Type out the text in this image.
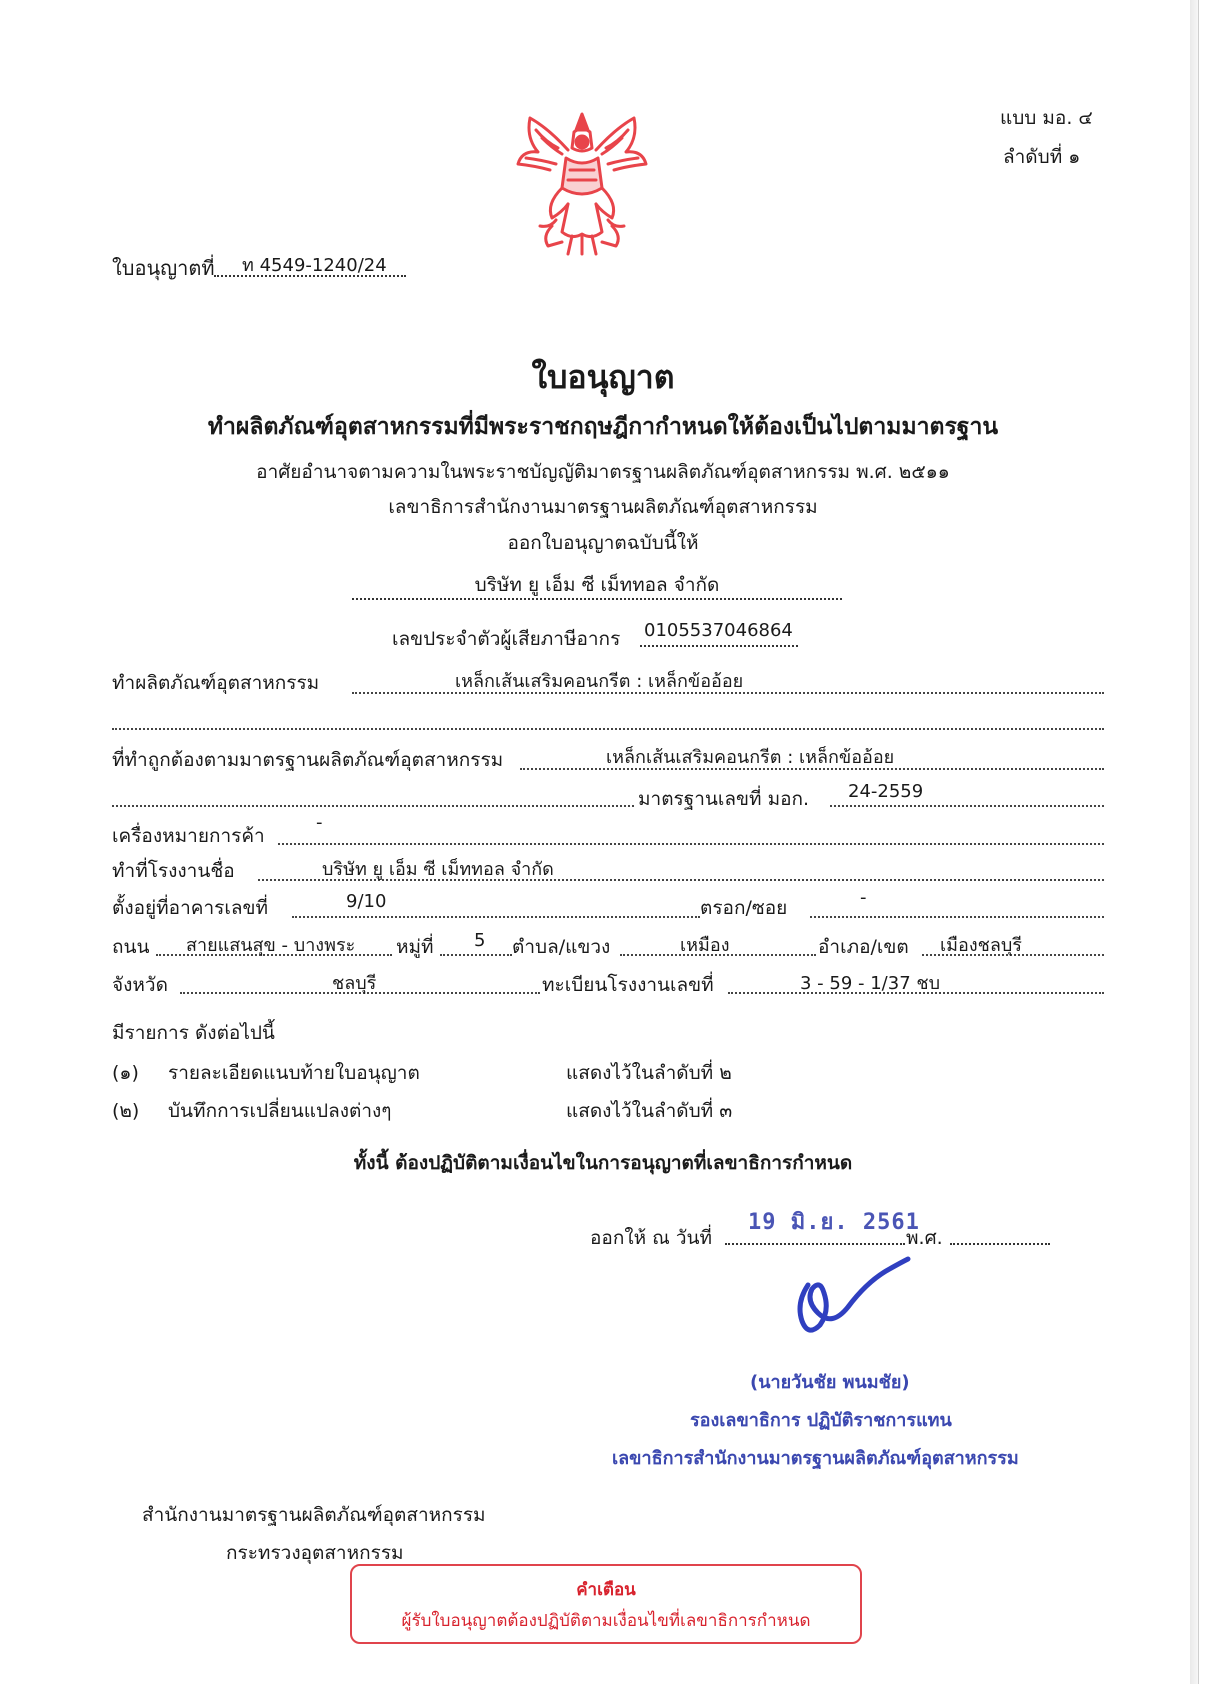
แบบ มอ. ๔
ลำดับที่ ๑
ใบอนุญาตที่ ท 4549-1240/24
ใบอนุญาต
ทำผลิตภัณฑ์อุตสาหกรรมที่มีพระราชกฤษฎีกากำหนดให้ต้องเป็นไปตามมาตรฐาน
อาศัยอำนาจตามความในพระราชบัญญัติมาตรฐานผลิตภัณฑ์อุตสาหกรรม พ.ศ. ๒๕๑๑
เลขาธิการสำนักงานมาตรฐานผลิตภัณฑ์อุตสาหกรรม
ออกใบอนุญาตฉบับนี้ให้
บริษัท ยู เอ็ม ซี เม็ททอล จำกัด
เลขประจำตัวผู้เสียภาษีอากร 0105537046864
ทำผลิตภัณฑ์อุตสาหกรรม	เหล็กเส้นเสริมคอนกรีต : เหล็กข้ออ้อย
ที่ทำถูกต้องตามมาตรฐานผลิตภัณฑ์อุตสาหกรรม	เหล็กเส้นเสริมคอนกรีต : เหล็กข้ออ้อย
มาตรฐานเลขที่ มอก. 24-2559
เครื่องหมายการค้า
-
ทำที่โรงงานชื่อ	บริษัท ยู เอ็ม ซี เม็ททอล จำกัด
ตั้งอยู่ที่อาคารเลขที่	9/10	ตรอก/ซอย	-
ถนน สายแสนสุข - บางพระ หมู่ที่ 5 ตำบล/แขวง	เหมือง	อำเภอ/เขต เมืองชลบุรี
จังหวัด	ชลบุรี	ทะเบียนโรงงานเลขที่	3 - 59 - 1/37 ชบ
มีรายการ ดังต่อไปนี้
(๑) รายละเอียดแนบท้ายใบอนุญาต	แสดงไว้ในลำดับที่ ๒
(๒) บันทึกการเปลี่ยนแปลงต่างๆ	แสดงไว้ในลำดับที่ ๓
ทั้งนี้ ต้องปฏิบัติตามเงื่อนไขในการอนุญาตที่เลขาธิการกำหนด
ออกให้ ณ วันที่
19 มิ.ย. 2561
พ.ศ.
(นายวันชัย พนมชัย)
รองเลขาธิการ ปฏิบัติราชการแทน
เลขาธิการสำนักงานมาตรฐานผลิตภัณฑ์อุตสาหกรรม
สำนักงานมาตรฐานผลิตภัณฑ์อุตสาหกรรม
กระทรวงอุตสาหกรรม
คำเตือน
ผู้รับใบอนุญาตต้องปฏิบัติตามเงื่อนไขที่เลขาธิการกำหนด
